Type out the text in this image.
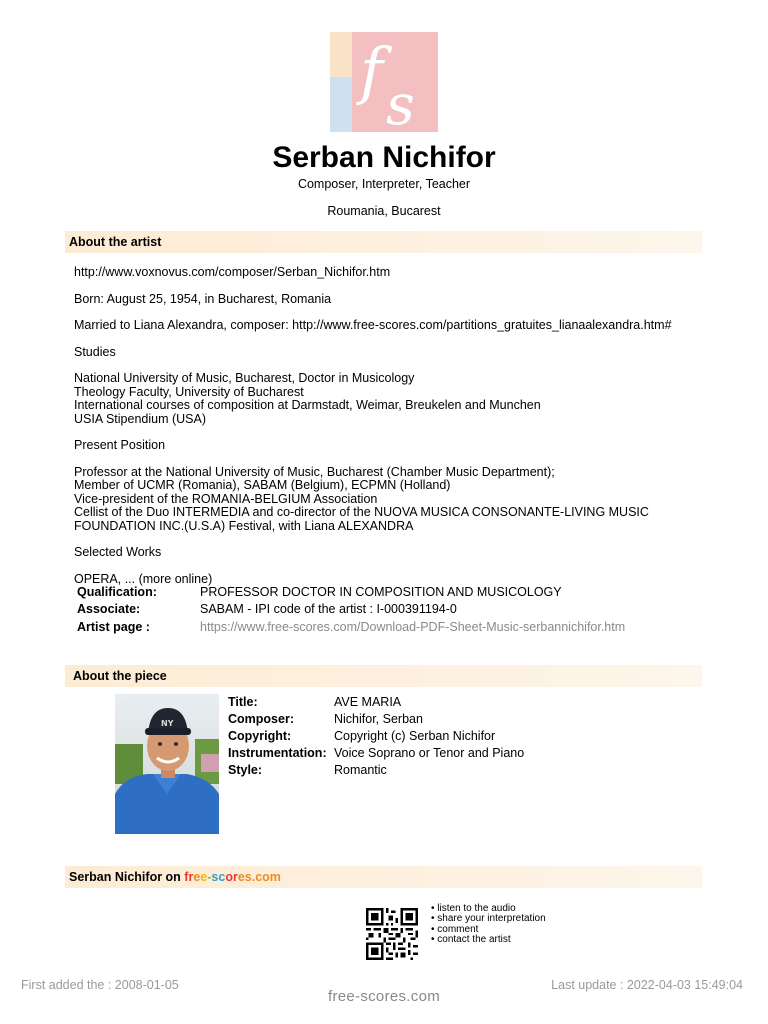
f s
Serban Nichifor
Composer, Interpreter, Teacher
Roumania, Bucarest
About the artist

http://www.voxnovus.com/composer/Serban_Nichifor.htm

Born: August 25, 1954, in Bucharest, Romania

Married to Liana Alexandra, composer: http://www.free-scores.com/partitions_gratuites_lianaalexandra.htm#

Studies

National University of Music, Bucharest, Doctor in Musicology
Theology Faculty, University of Bucharest
International courses of composition at Darmstadt, Weimar, Breukelen and Munchen
USIA Stipendium (USA)

Present Position

Professor at the National University of Music, Bucharest (Chamber Music Department);
Member of UCMR (Romania), SABAM (Belgium), ECPMN (Holland)
Vice-president of the ROMANIA-BELGIUM Association
Cellist of the Duo INTERMEDIA and co-director of the NUOVA MUSICA CONSONANTE-LIVING MUSIC
FOUNDATION INC.(U.S.A) Festival, with Liana ALEXANDRA

Selected Works

OPERA, ... (more online)

Qualification:	PROFESSOR DOCTOR IN COMPOSITION AND MUSICOLOGY
Associate:	SABAM - IPI code of the artist : I-000391194-0
Artist page :	https://www.free-scores.com/Download-PDF-Sheet-Music-serbannichifor.htm
About the piece
NY
Title:	AVE MARIA
Composer:	Nichifor, Serban
Copyright:	Copyright (c) Serban Nichifor
Instrumentation: Voice Soprano or Tenor and Piano
Style:	Romantic
Serban Nichifor on free-scores.com
• listen to the audio
• share your interpretation
• comment
• contact the artist
First added the : 2008-01-05	Last update : 2022-04-03 15:49:04
free-scores.com
